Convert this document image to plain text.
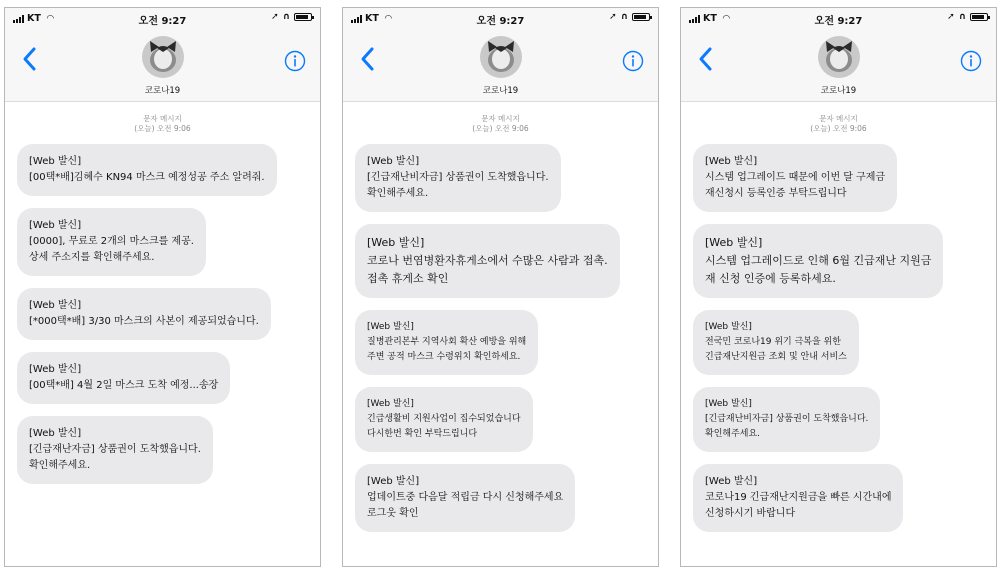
KT ◠	오전 9:27	➚ ∩
코로나19
문자 메시지
(오늘) 오전 9:06
[Web 발신]
[00택*배]김혜수 KN94 마스크 예정성공 주소 알려줘.
[Web 발신]
[0000], 무료로 2개의 마스크를 제공.
상세 주소지를 확인해주세요.
[Web 발신]
[*000택*배] 3/30 마스크의 사본이 제공되었습니다.
[Web 발신]
[00택*배] 4월 2일 마스크 도착 예정...송장
[Web 발신]
[긴급재난자금] 상품권이 도착했읍니다.
확인해주세요.
KT ◠	오전 9:27	➚ ∩
코로나19
문자 메시지
(오늘) 오전 9:06
[Web 발신]
[긴급재난비자금] 상품권이 도착했읍니다.
확인해주세요.
[Web 발신]
코로나 번염병환자휴게소에서 수많은 사람과 접촉.
접촉 휴게소 확인
[Web 발신]
질병관리본부 지역사회 확산 예방을 위해
주변 공적 마스크 수령위치 확인하세요.
[Web 발신]
긴급생활비 지원사업이 집수되었습니다
다시한번 확인 부탁드립니다
[Web 발신]
업데이트중 다음달 적립금 다시 신청해주세요
로그웃 확인
KT ◠	오전 9:27	➚ ∩
코로나19
문자 메시지
(오늘) 오전 9:06
[Web 발신]
시스템 업그레이드 때문에 이번 달 구제금
재신청시 등록인증 부탁드립니다
[Web 발신]
시스템 업그레이드로 인해 6월 긴급재난 지원금
재 신청 인증에 등록하세요.
[Web 발신]
전국민 코로나19 위기 극복을 위한
긴급재난지원금 조회 및 안내 서비스
[Web 발신]
[긴급재난비자금] 상품권이 도착했읍니다.
확인해주세요.
[Web 발신]
코로나19 긴급재난지원금을 빠른 시간내에
신청하시기 바랍니다
